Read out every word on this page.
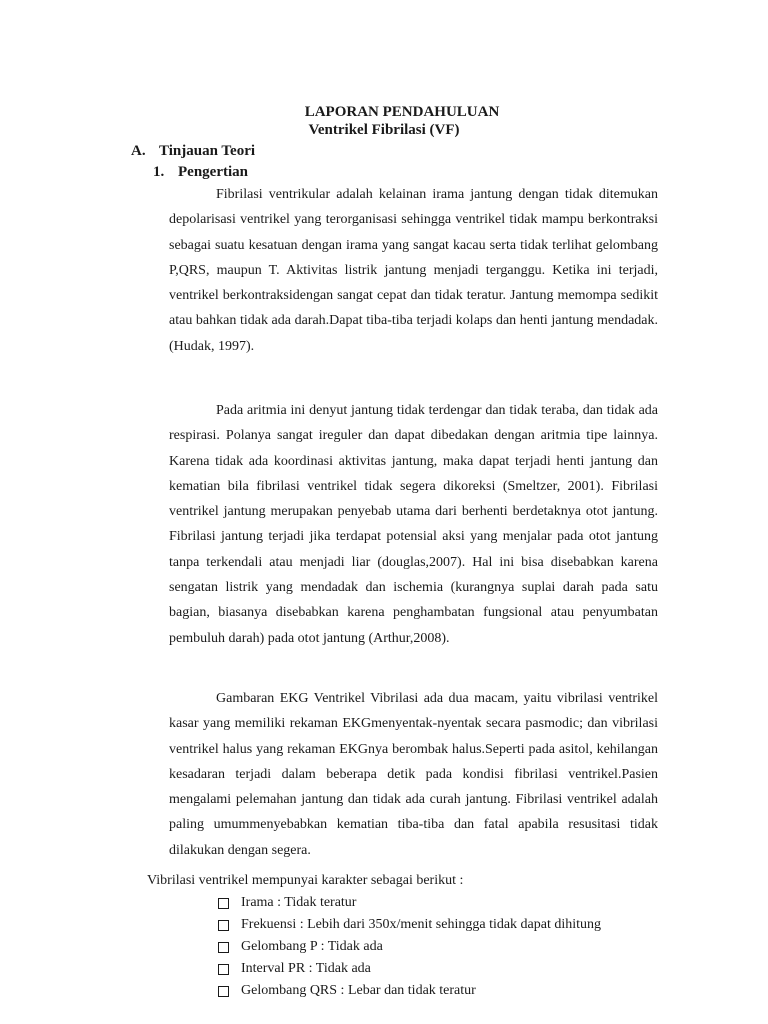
LAPORAN PENDAHULUAN
Ventrikel Fibrilasi (VF)
A. Tinjauan Teori
1. Pengertian

Fibrilasi ventrikular adalah kelainan irama jantung dengan tidak ditemukan depolarisasi ventrikel yang terorganisasi sehingga ventrikel tidak mampu berkontraksi sebagai suatu kesatuan dengan irama yang sangat kacau serta tidak terlihat gelombang P,QRS, maupun T. Aktivitas listrik jantung menjadi terganggu. Ketika ini terjadi, ventrikel berkontraksidengan sangat cepat dan tidak teratur. Jantung memompa sedikit atau bahkan tidak ada darah.Dapat tiba-tiba terjadi kolaps dan henti jantung mendadak. (Hudak, 1997).

Pada aritmia ini denyut jantung tidak terdengar dan tidak teraba, dan tidak ada respirasi. Polanya sangat ireguler dan dapat dibedakan dengan aritmia tipe lainnya. Karena tidak ada koordinasi aktivitas jantung, maka dapat terjadi henti jantung dan kematian bila fibrilasi ventrikel tidak segera dikoreksi (Smeltzer, 2001). Fibrilasi ventrikel jantung merupakan penyebab utama dari berhenti berdetaknya otot jantung. Fibrilasi jantung terjadi jika terdapat potensial aksi yang menjalar pada otot jantung tanpa terkendali atau menjadi liar (douglas,2007). Hal ini bisa disebabkan karena sengatan listrik yang mendadak dan ischemia (kurangnya suplai darah pada satu bagian, biasanya disebabkan karena penghambatan fungsional atau penyumbatan pembuluh darah) pada otot jantung (Arthur,2008).

Gambaran EKG Ventrikel Vibrilasi ada dua macam, yaitu vibrilasi ventrikel kasar yang memiliki rekaman EKGmenyentak-nyentak secara pasmodic; dan vibrilasi ventrikel halus yang rekaman EKGnya berombak halus.Seperti pada asitol, kehilangan kesadaran terjadi dalam beberapa detik pada kondisi fibrilasi ventrikel.Pasien mengalami pelemahan jantung dan tidak ada curah jantung. Fibrilasi ventrikel adalah paling umummenyebabkan kematian tiba-tiba dan fatal apabila resusitasi tidak dilakukan dengan segera.

Vibrilasi ventrikel mempunyai karakter sebagai berikut :

Irama : Tidak teratur
Frekuensi : Lebih dari 350x/menit sehingga tidak dapat dihitung
Gelombang P : Tidak ada
Interval PR : Tidak ada
Gelombang QRS : Lebar dan tidak teratur
